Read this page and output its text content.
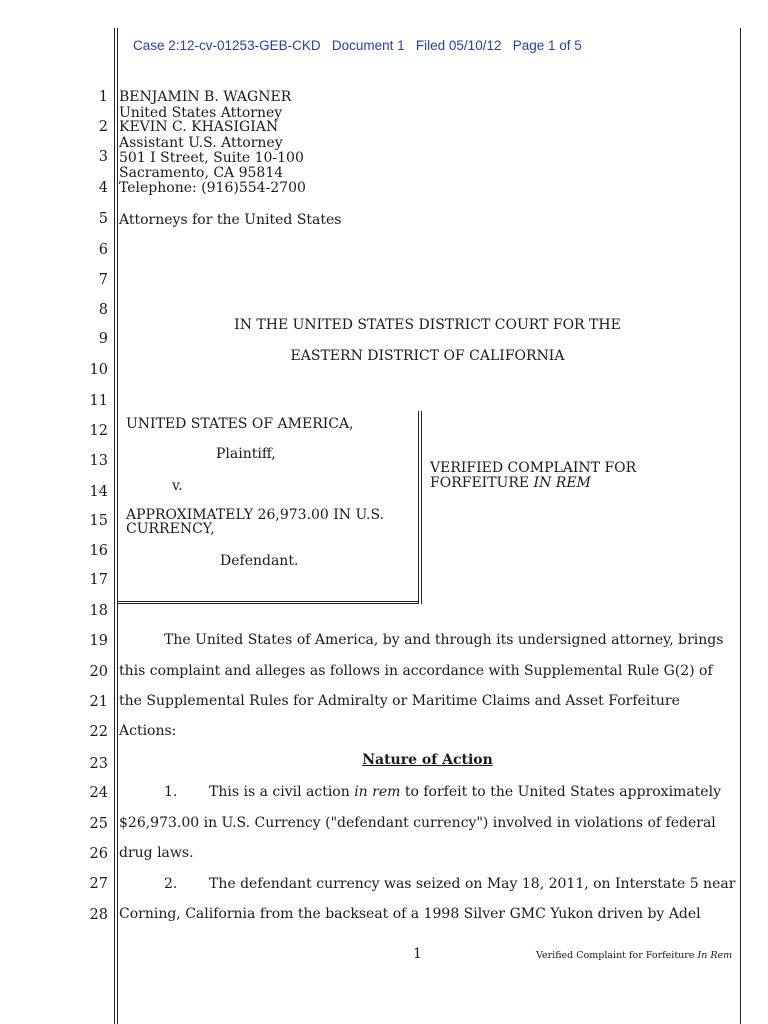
Case 2:12-cv-01253-GEB-CKD Document 1 Filed 05/10/12 Page 1 of 5
1
2
3
4
5
6
7
8
9
10
11
12
13
14
15
16
17
18
19
20
21
22
23
24
25
26
27
28
BENJAMIN B. WAGNER
United States Attorney
KEVIN C. KHASIGIAN
Assistant U.S. Attorney
501 I Street, Suite 10-100
Sacramento, CA 95814
Telephone: (916)554-2700
Attorneys for the United States
IN THE UNITED STATES DISTRICT COURT FOR THE
EASTERN DISTRICT OF CALIFORNIA
UNITED STATES OF AMERICA,
Plaintiff,
v.
APPROXIMATELY 26,973.00 IN U.S.
CURRENCY,
Defendant.
VERIFIED COMPLAINT FOR
FORFEITURE IN REM
The United States of America, by and through its undersigned attorney, brings
this complaint and alleges as follows in accordance with Supplemental Rule G(2) of
the Supplemental Rules for Admiralty or Maritime Claims and Asset Forfeiture
Actions:
Nature of Action
1. This is a civil action in rem to forfeit to the United States approximately
$26,973.00 in U.S. Currency ("defendant currency") involved in violations of federal
drug laws.
2. The defendant currency was seized on May 18, 2011, on Interstate 5 near
Corning, California from the backseat of a 1998 Silver GMC Yukon driven by Adel
1	Verified Complaint for Forfeiture In Rem
